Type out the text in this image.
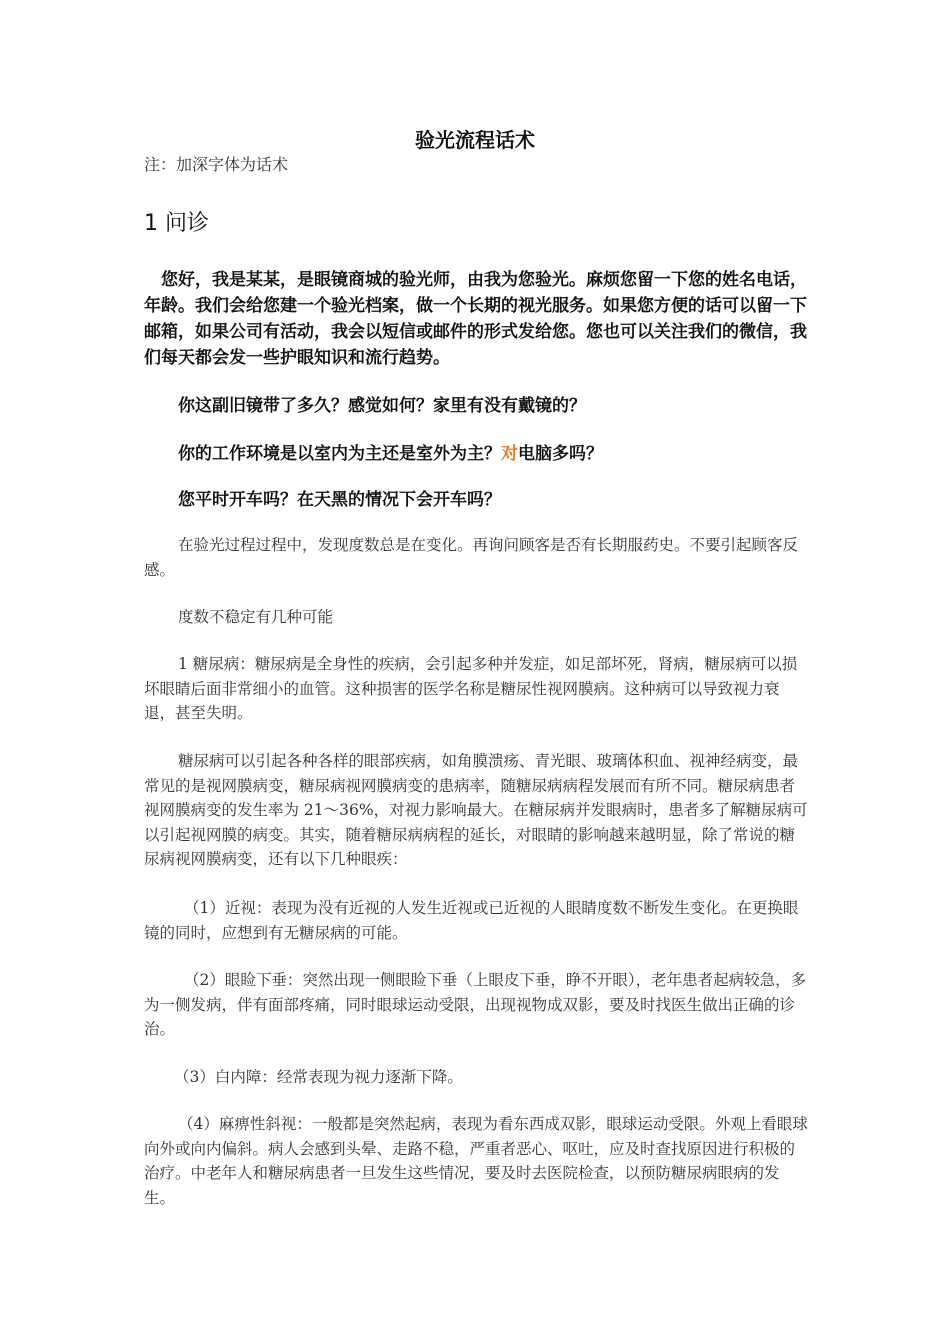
验光流程话术
注：加深字体为话术
1 问诊
您好，我是某某，是眼镜商城的验光师，由我为您验光。麻烦您留一下您的姓名电话，年龄。我们会给您建一个验光档案，做一个长期的视光服务。如果您方便的话可以留一下邮箱，如果公司有活动，我会以短信或邮件的形式发给您。您也可以关注我们的微信，我们每天都会发一些护眼知识和流行趋势。
你这副旧镜带了多久？感觉如何？家里有没有戴镜的？
你的工作环境是以室内为主还是室外为主？对电脑多吗？
您平时开车吗？在天黑的情况下会开车吗？
在验光过程过程中，发现度数总是在变化。再询问顾客是否有长期服药史。不要引起顾客反感。
度数不稳定有几种可能
1 糖尿病：糖尿病是全身性的疾病，会引起多种并发症，如足部坏死，肾病，糖尿病可以损坏眼睛后面非常细小的血管。这种损害的医学名称是糖尿性视网膜病。这种病可以导致视力衰退，甚至失明。
糖尿病可以引起各种各样的眼部疾病，如角膜溃疡、青光眼、玻璃体积血、视神经病变，最常见的是视网膜病变，糖尿病视网膜病变的患病率，随糖尿病病程发展而有所不同。糖尿病患者视网膜病变的发生率为 21～36%，对视力影响最大。在糖尿病并发眼病时，患者多了解糖尿病可以引起视网膜的病变。其实，随着糖尿病病程的延长，对眼睛的影响越来越明显，除了常说的糖尿病视网膜病变，还有以下几种眼疾：
（1）近视：表现为没有近视的人发生近视或已近视的人眼睛度数不断发生变化。在更换眼镜的同时，应想到有无糖尿病的可能。
（2）眼睑下垂：突然出现一侧眼睑下垂（上眼皮下垂，睁不开眼），老年患者起病较急，多为一侧发病，伴有面部疼痛，同时眼球运动受限，出现视物成双影，要及时找医生做出正确的诊治。
（3）白内障：经常表现为视力逐渐下降。
（4）麻痹性斜视：一般都是突然起病，表现为看东西成双影，眼球运动受限。外观上看眼球向外或向内偏斜。病人会感到头晕、走路不稳，严重者恶心、呕吐，应及时查找原因进行积极的治疗。中老年人和糖尿病患者一旦发生这些情况，要及时去医院检查，以预防糖尿病眼病的发生。
